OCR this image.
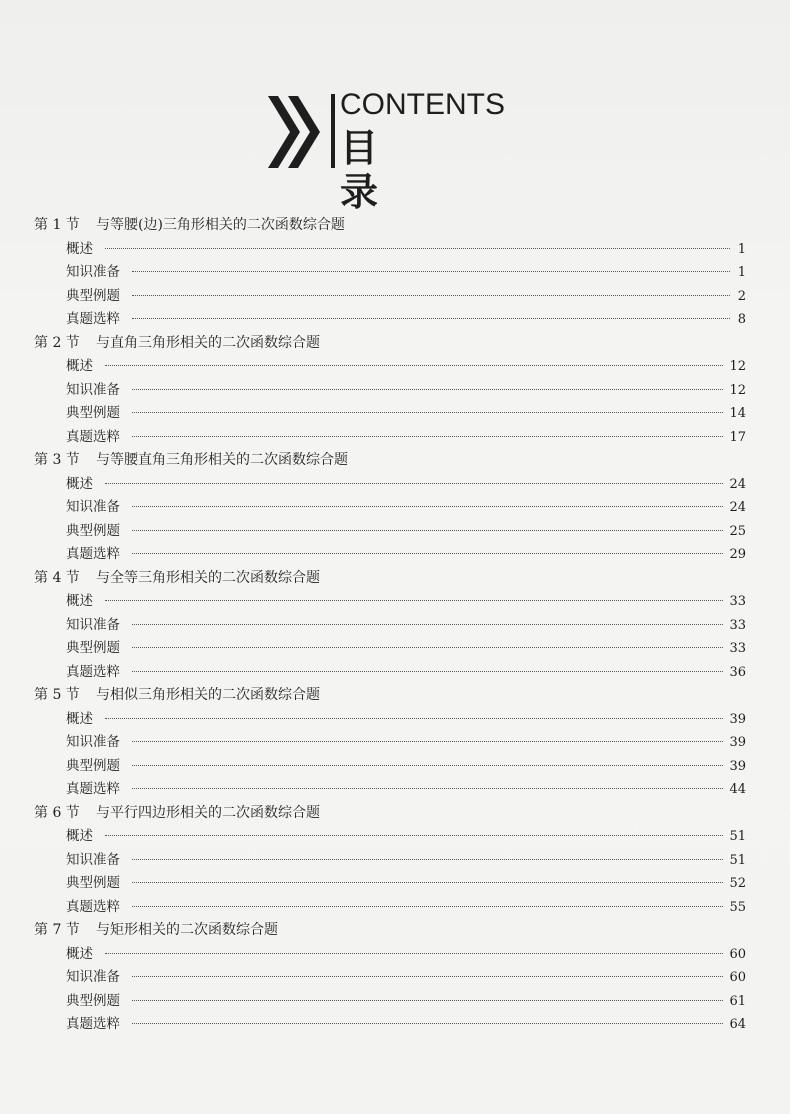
CONTENTS
目 录
第 1 节 与等腰(边)三角形相关的二次函数综合题
概述	1
知识准备	1
典型例题	2
真题选粹	8
第 2 节 与直角三角形相关的二次函数综合题
概述	12
知识准备	12
典型例题	14
真题选粹	17
第 3 节 与等腰直角三角形相关的二次函数综合题
概述	24
知识准备	24
典型例题	25
真题选粹	29
第 4 节 与全等三角形相关的二次函数综合题
概述	33
知识准备	33
典型例题	33
真题选粹	36
第 5 节 与相似三角形相关的二次函数综合题
概述	39
知识准备	39
典型例题	39
真题选粹	44
第 6 节 与平行四边形相关的二次函数综合题
概述	51
知识准备	51
典型例题	52
真题选粹	55
第 7 节 与矩形相关的二次函数综合题
概述	60
知识准备	60
典型例题	61
真题选粹	64
